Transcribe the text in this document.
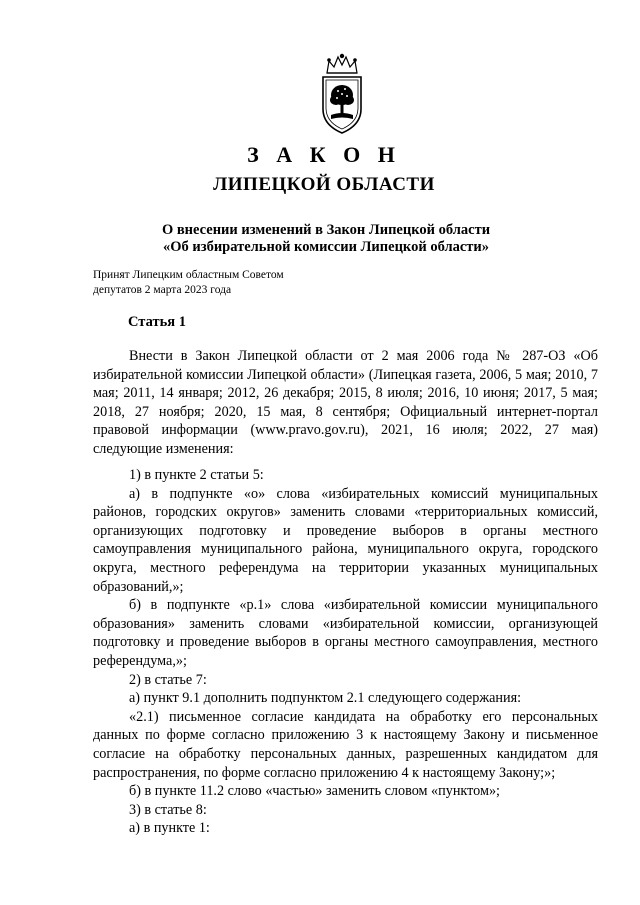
З А К О Н
ЛИПЕЦКОЙ ОБЛАСТИ
О внесении изменений в Закон Липецкой области
«Об избирательной комиссии Липецкой области»
Принят Липецким областным Советом
депутатов 2 марта 2023 года
Статья 1

Внести в Закон Липецкой области от 2 мая 2006 года № 287-ОЗ «Об избирательной комиссии Липецкой области» (Липецкая газета, 2006, 5 мая; 2010, 7 мая; 2011, 14 января; 2012, 26 декабря; 2015, 8 июля; 2016, 10 июня; 2017, 5 мая; 2018, 27 ноября; 2020, 15 мая, 8 сентября; Официальный интернет-портал правовой информации (www.pravo.gov.ru), 2021, 16 июля; 2022, 27 мая) следующие изменения:

1) в пункте 2 статьи 5:

а) в подпункте «о» слова «избирательных комиссий муниципальных районов, городских округов» заменить словами «территориальных комиссий, организующих подготовку и проведение выборов в органы местного самоуправления муниципального района, муниципального округа, городского округа, местного референдума на территории указанных муниципальных образований,»;

б) в подпункте «р.1» слова «избирательной комиссии муниципального образования» заменить словами «избирательной комиссии, организующей подготовку и проведение выборов в органы местного самоуправления, местного референдума,»;

2) в статье 7:

а) пункт 9.1 дополнить подпунктом 2.1 следующего содержания:

«2.1) письменное согласие кандидата на обработку его персональных данных по форме согласно приложению 3 к настоящему Закону и письменное согласие на обработку персональных данных, разрешенных кандидатом для распространения, по форме согласно приложению 4 к настоящему Закону;»;

б) в пункте 11.2 слово «частью» заменить словом «пунктом»;

3) в статье 8:

а) в пункте 1:
